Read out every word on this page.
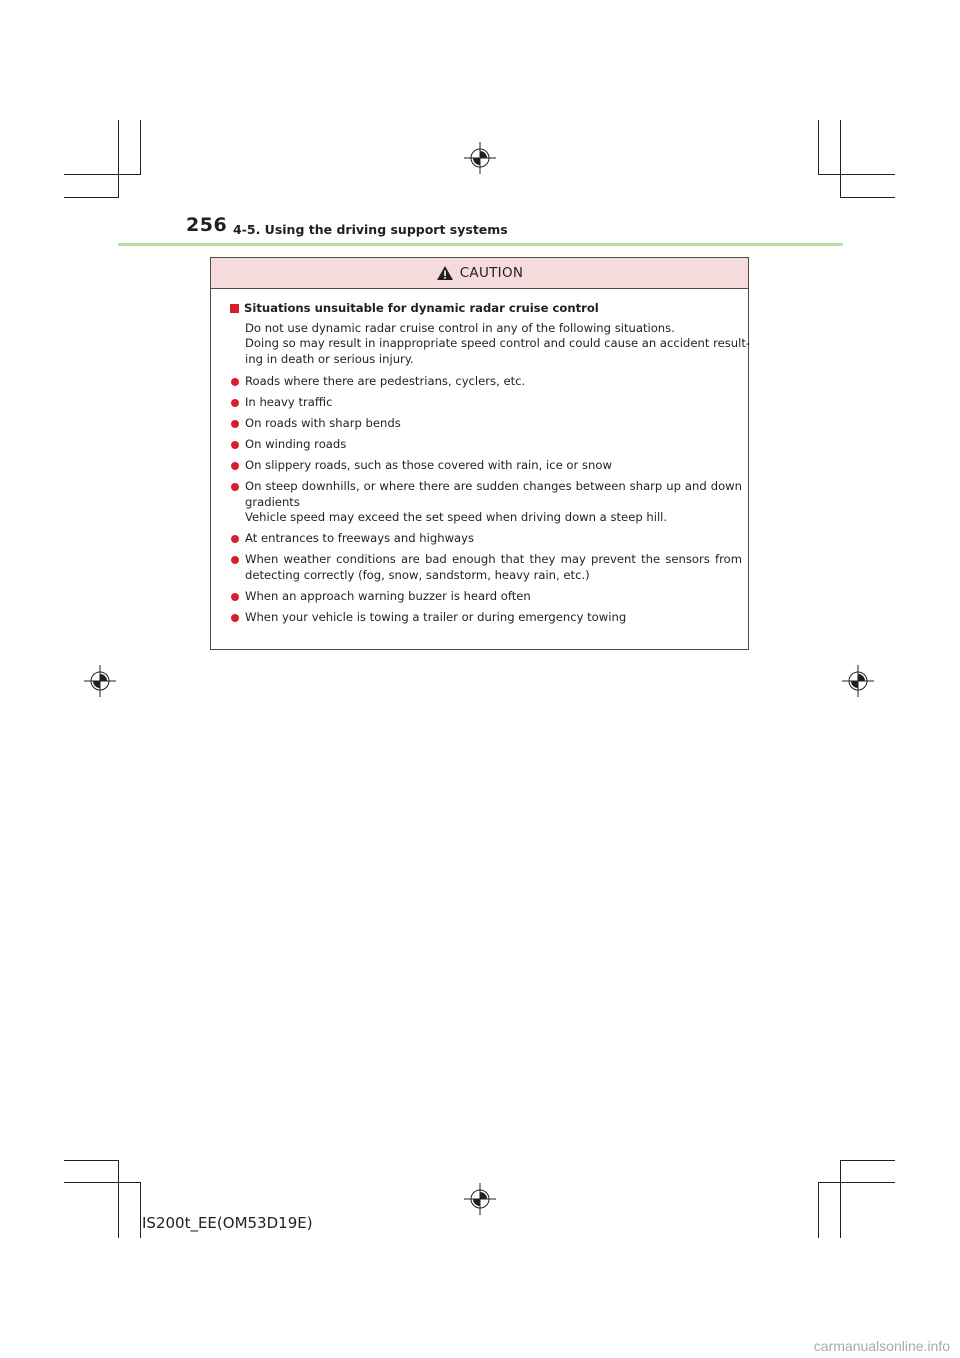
256 4-5. Using the driving support systems
CAUTION
Situations unsuitable for dynamic radar cruise control
Do not use dynamic radar cruise control in any of the following situations.
Doing so may result in inappropriate speed control and could cause an accident result-
ing in death or serious injury.
Roads where there are pedestrians, cyclers, etc.
In heavy traffic
On roads with sharp bends
On winding roads
On slippery roads, such as those covered with rain, ice or snow
On steep downhills, or where there are sudden changes between sharp up and down gradients
Vehicle speed may exceed the set speed when driving down a steep hill.
At entrances to freeways and highways
When weather conditions are bad enough that they may prevent the sensors from detecting correctly (fog, snow, sandstorm, heavy rain, etc.)
When an approach warning buzzer is heard often
When your vehicle is towing a trailer or during emergency towing
IS200t_EE(OM53D19E)
carmanualsonline.info
